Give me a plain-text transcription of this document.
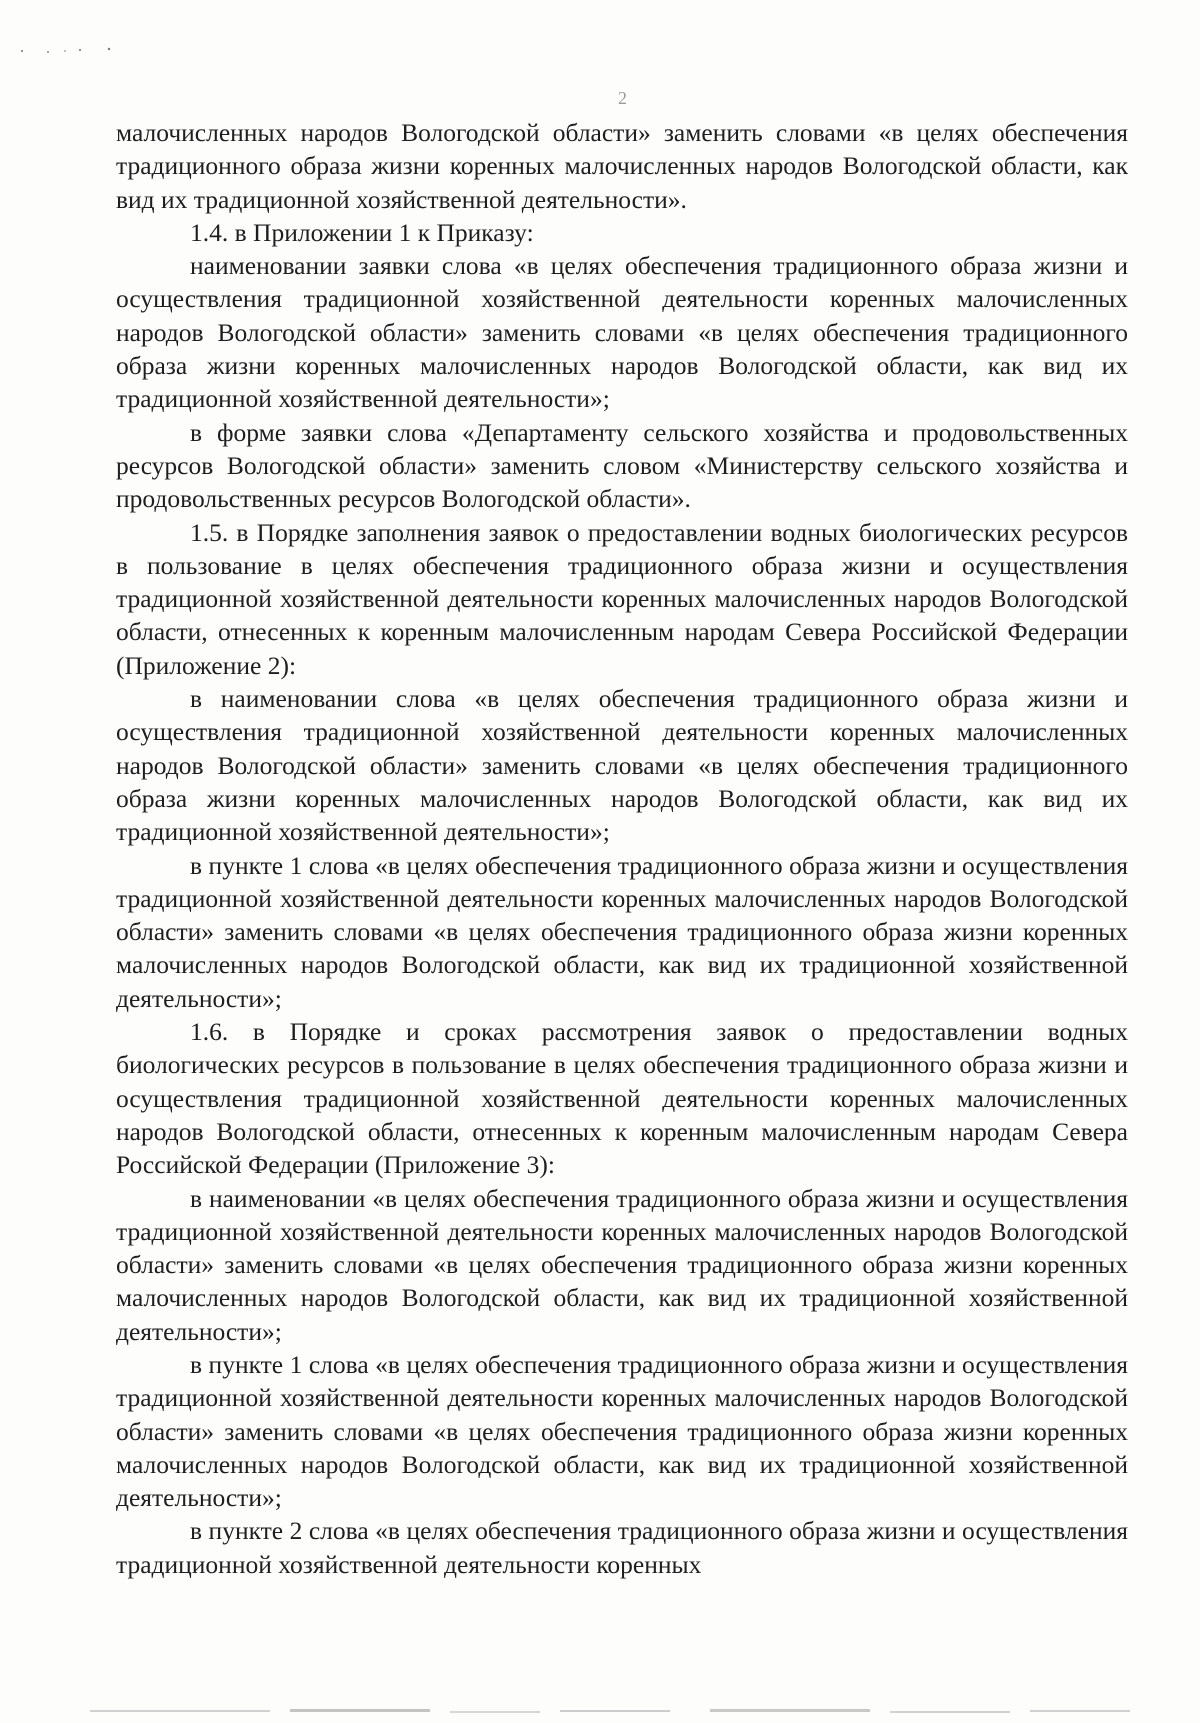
2

малочисленных народов Вологодской области» заменить словами «в целях обеспечения традиционного образа жизни коренных малочисленных народов Вологодской области, как вид их традиционной хозяйственной деятельности».

1.4. в Приложении 1 к Приказу:

наименовании заявки слова «в целях обеспечения традиционного образа жизни и осуществления традиционной хозяйственной деятельности коренных малочисленных народов Вологодской области» заменить словами «в целях обеспечения традиционного образа жизни коренных малочисленных народов Вологодской области, как вид их традиционной хозяйственной деятельности»;

в форме заявки слова «Департаменту сельского хозяйства и продовольственных ресурсов Вологодской области» заменить словом «Министерству сельского хозяйства и продовольственных ресурсов Вологодской области».

1.5. в Порядке заполнения заявок о предоставлении водных биологических ресурсов в пользование в целях обеспечения традиционного образа жизни и осуществления традиционной хозяйственной деятельности коренных малочисленных народов Вологодской области, отнесенных к коренным малочисленным народам Севера Российской Федерации (Приложение 2):

в наименовании слова «в целях обеспечения традиционного образа жизни и осуществления традиционной хозяйственной деятельности коренных малочисленных народов Вологодской области» заменить словами «в целях обеспечения традиционного образа жизни коренных малочисленных народов Вологодской области, как вид их традиционной хозяйственной деятельности»;

в пункте 1 слова «в целях обеспечения традиционного образа жизни и осуществления традиционной хозяйственной деятельности коренных малочисленных народов Вологодской области» заменить словами «в целях обеспечения традиционного образа жизни коренных малочисленных народов Вологодской области, как вид их традиционной хозяйственной деятельности»;

1.6. в Порядке и сроках рассмотрения заявок о предоставлении водных биологических ресурсов в пользование в целях обеспечения традиционного образа жизни и осуществления традиционной хозяйственной деятельности коренных малочисленных народов Вологодской области, отнесенных к коренным малочисленным народам Севера Российской Федерации (Приложение 3):

в наименовании «в целях обеспечения традиционного образа жизни и осуществления традиционной хозяйственной деятельности коренных малочисленных народов Вологодской области» заменить словами «в целях обеспечения традиционного образа жизни коренных малочисленных народов Вологодской области, как вид их традиционной хозяйственной деятельности»;

в пункте 1 слова «в целях обеспечения традиционного образа жизни и осуществления традиционной хозяйственной деятельности коренных малочисленных народов Вологодской области» заменить словами «в целях обеспечения традиционного образа жизни коренных малочисленных народов Вологодской области, как вид их традиционной хозяйственной деятельности»;

в пункте 2 слова «в целях обеспечения традиционного образа жизни и осуществления традиционной хозяйственной деятельности коренных
